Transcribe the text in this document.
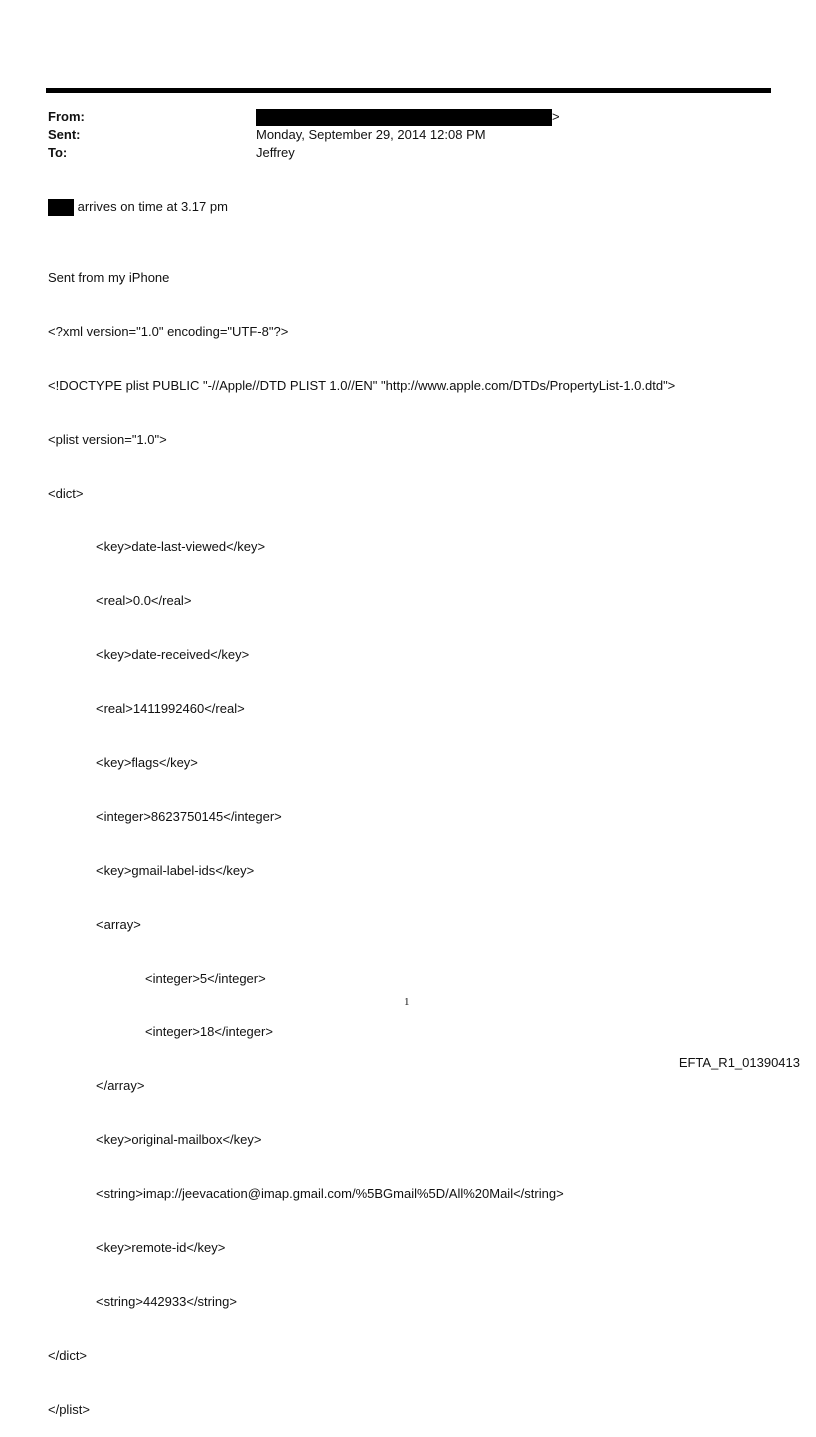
From:	>
Sent:	Monday, September 29, 2014 12:08 PM
To:	Jeffrey
arrives on time at 3.17 pm

Sent from my iPhone

<?xml version="1.0" encoding="UTF-8"?>

<!DOCTYPE plist PUBLIC "-//Apple//DTD PLIST 1.0//EN" "http://www.apple.com/DTDs/PropertyList-1.0.dtd">

<plist version="1.0">

<dict>

<key>date-last-viewed</key>

<real>0.0</real>

<key>date-received</key>

<real>1411992460</real>

<key>flags</key>

<integer>8623750145</integer>

<key>gmail-label-ids</key>

<array>

<integer>5</integer>

<integer>18</integer>

</array>

<key>original-mailbox</key>

<string>imap://jeevacation@imap.gmail.com/%5BGmail%5D/All%20Mail</string>

<key>remote-id</key>

<string>442933</string>

</dict>

</plist>

1
EFTA_R1_01390413
